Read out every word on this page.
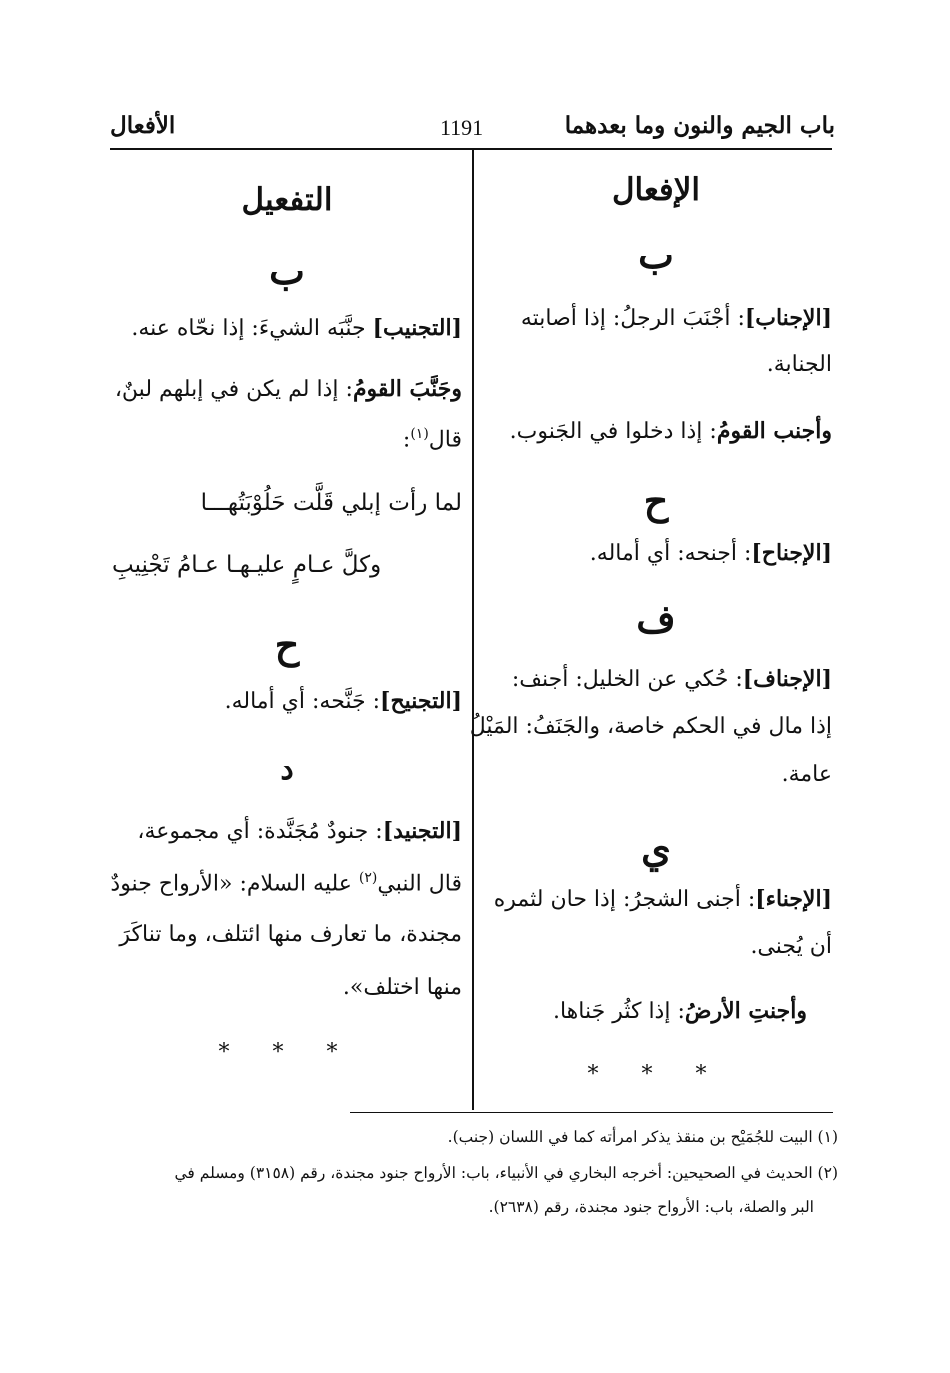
باب الجيم والنون وما بعدهما
1191
الأفعال
الإفعال
ب
[الإجناب]: أجْنَبَ الرجلُ: إذا أصابته
الجنابة.
وأجنب القومُ: إذا دخلوا في الجَنوب.
ح
[الإجناح]: أجنحه: أي أماله.
ف
[الإجناف]: حُكي عن الخليل: أجنف:
إذا مال في الحكم خاصة، والجَنَفُ: المَيْلُ
عامة.
ي
[الإجناء]: أجنى الشجرُ: إذا حان لثمره
أن يُجنى.
وأجنتِ الأرضُ: إذا كثُر جَناها.
* * *
التفعيل
ب
[التجنيب] جنَّبَه الشيءَ: إذا نحّاه عنه.
وجَنَّبَ القومُ: إذا لم يكن في إبلهم لبنٌ،
قال$^{(١)}$:
لما رأت إبلي قَلَّت حَلُوْبَتُهـــا
وكلَّ عـامٍ عليـهـا عـامُ تَجْنِيبِ
ح
[التجنيح]: جَنَّحه: أي أماله.
د
[التجنيد]: جنودٌ مُجَنَّدة: أي مجموعة،
قال النبي$^{(٢)}$ عليه السلام: «الأرواح جنودٌ
مجندة، ما تعارف منها ائتلف، وما تناكَرَ
منها اختلف».
* * *
(١) البيت للجُمَيْح بن منقذ يذكر امرأته كما في اللسان (جنب).
(٢) الحديث في الصحيحين: أخرجه البخاري في الأنبياء، باب: الأرواح جنود مجندة، رقم (٣١٥٨) ومسلم في
البر والصلة، باب: الأرواح جنود مجندة، رقم (٢٦٣٨).
